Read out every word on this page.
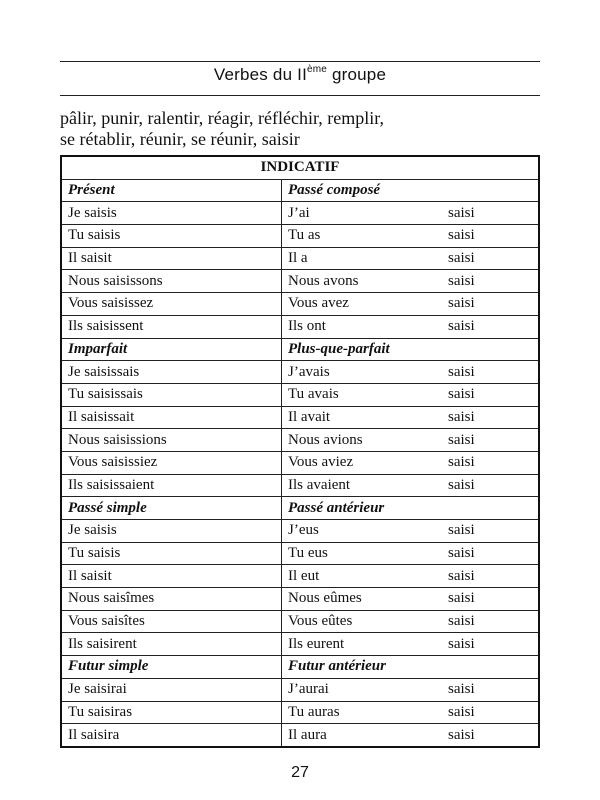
Verbes du IIème groupe
pâlir, punir, ralentir, réagir, réfléchir, remplir,
se rétablir, réunir, se réunir, saisir
INDICATIF	
Présent	Passé composé
Je saisis	J’ai saisi
Tu saisis	Tu as saisi
Il saisit	Il a saisi
Nous saisissons	Nous avons saisi
Vous saisissez	Vous avez saisi
Ils saisissent	Ils ont saisi
Imparfait	Plus-que-parfait
Je saisissais	J’avais saisi
Tu saisissais	Tu avais saisi
Il saisissait	Il avait saisi
Nous saisissions	Nous avions saisi
Vous saisissiez	Vous aviez saisi
Ils saisissaient	Ils avaient saisi
Passé simple	Passé antérieur
Je saisis	J’eus saisi
Tu saisis	Tu eus saisi
Il saisit	Il eut saisi
Nous saisîmes	Nous eûmes saisi
Vous saisîtes	Vous eûtes saisi
Ils saisirent	Ils eurent saisi
Futur simple	Futur antérieur
Je saisirai	J’aurai saisi
Tu saisiras	Tu auras saisi
Il saisira	Il aura saisi
27
